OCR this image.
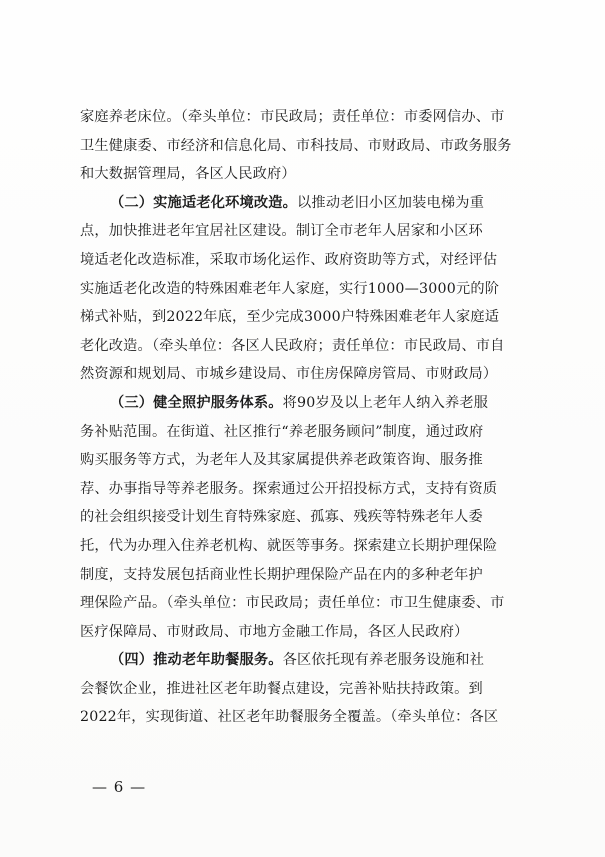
家庭养老床位。（牵头单位：市民政局；责任单位：市委网信办、市
卫生健康委、市经济和信息化局、市科技局、市财政局、市政务服务
和大数据管理局，各区人民政府）
（二）实施适老化环境改造。以推动老旧小区加装电梯为重
点，加快推进老年宜居社区建设。制订全市老年人居家和小区环
境适老化改造标准，采取市场化运作、政府资助等方式，对经评估
实施适老化改造的特殊困难老年人家庭，实行1000—3000元的阶
梯式补贴，到2022年底，至少完成3000户特殊困难老年人家庭适
老化改造。（牵头单位：各区人民政府；责任单位：市民政局、市自
然资源和规划局、市城乡建设局、市住房保障房管局、市财政局）
（三）健全照护服务体系。将90岁及以上老年人纳入养老服
务补贴范围。在街道、社区推行“养老服务顾问”制度，通过政府
购买服务等方式，为老年人及其家属提供养老政策咨询、服务推
荐、办事指导等养老服务。探索通过公开招投标方式，支持有资质
的社会组织接受计划生育特殊家庭、孤寡、残疾等特殊老年人委
托，代为办理入住养老机构、就医等事务。探索建立长期护理保险
制度，支持发展包括商业性长期护理保险产品在内的多种老年护
理保险产品。（牵头单位：市民政局；责任单位：市卫生健康委、市
医疗保障局、市财政局、市地方金融工作局，各区人民政府）
（四）推动老年助餐服务。各区依托现有养老服务设施和社
会餐饮企业，推进社区老年助餐点建设，完善补贴扶持政策。到
2022年，实现街道、社区老年助餐服务全覆盖。（牵头单位：各区
— 6 —
